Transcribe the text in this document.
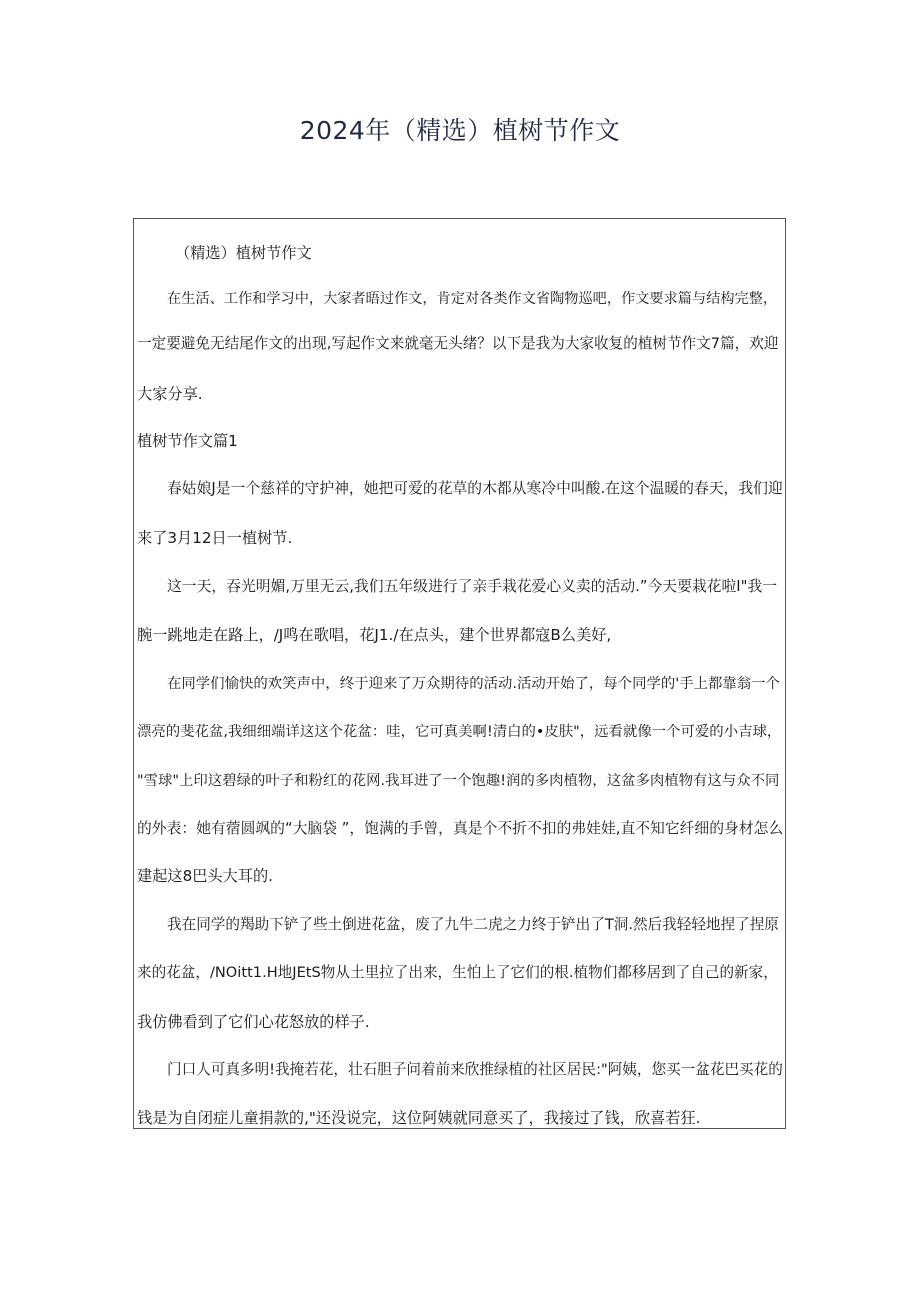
2024年（精选）植树节作文
（精选）植树节作文
在生活、工作和学习中，大家者晤过作文，肯定对各类作文省陶物巡吧，作文要求篇与结构完整，
一定要避免无结尾作文的出现,写起作文来就毫无头绪？以下是我为大家收复的植树节作文7篇，欢迎
大家分享.
植树节作文篇1
春姑娘J是一个慈祥的守护神，她把可爱的花草的木都从寒冷中叫酸.在这个温暖的春天，我们迎
来了3月12日一植树节.
这一天，吞光明媚,万里无云,我们五年级进行了亲手栽花爱心义卖的活动.”今天要栽花啦I"我一
腕一跳地走在路上，/J鸣在歌唱，花J1./在点头，建个世界都寇B么美好,
在同学们愉快的欢笑声中，终于迎来了万众期待的活动.活动开始了，每个同学的'手上都靠翁一个
漂亮的斐花盆,我细细端详这这个花盆：哇，它可真美啊!清白的•皮肤"，远看就像一个可爱的小吉球，
"雪球"上印这碧绿的叶子和粉红的花网.我耳进了一个饱趣!润的多肉植物，这盆多肉植物有这与众不同
的外表：她有蓿圆飒的“大脑袋 ”，饱满的手曾，真是个不折不扣的弗娃娃,直不知它纤细的身材怎么
建起这8巴头大耳的.
我在同学的羯助下铲了些土倒进花盆，废了九牛二虎之力终于铲出了T洞.然后我轻轻地捏了捏原
来的花盆，/NOitt1.H地JEtS物从土里拉了出来，生怕上了它们的根.植物们都移居到了自己的新家，
我仿佛看到了它们心花怒放的样子.
门口人可真多明!我掩若花，壮石胆子问着前来欣推绿植的社区居民:"阿姨，您买一盆花巴买花的
钱是为自闭症儿童捐款的,"还没说完，这位阿姨就同意买了，我接过了钱，欣喜若狂.
